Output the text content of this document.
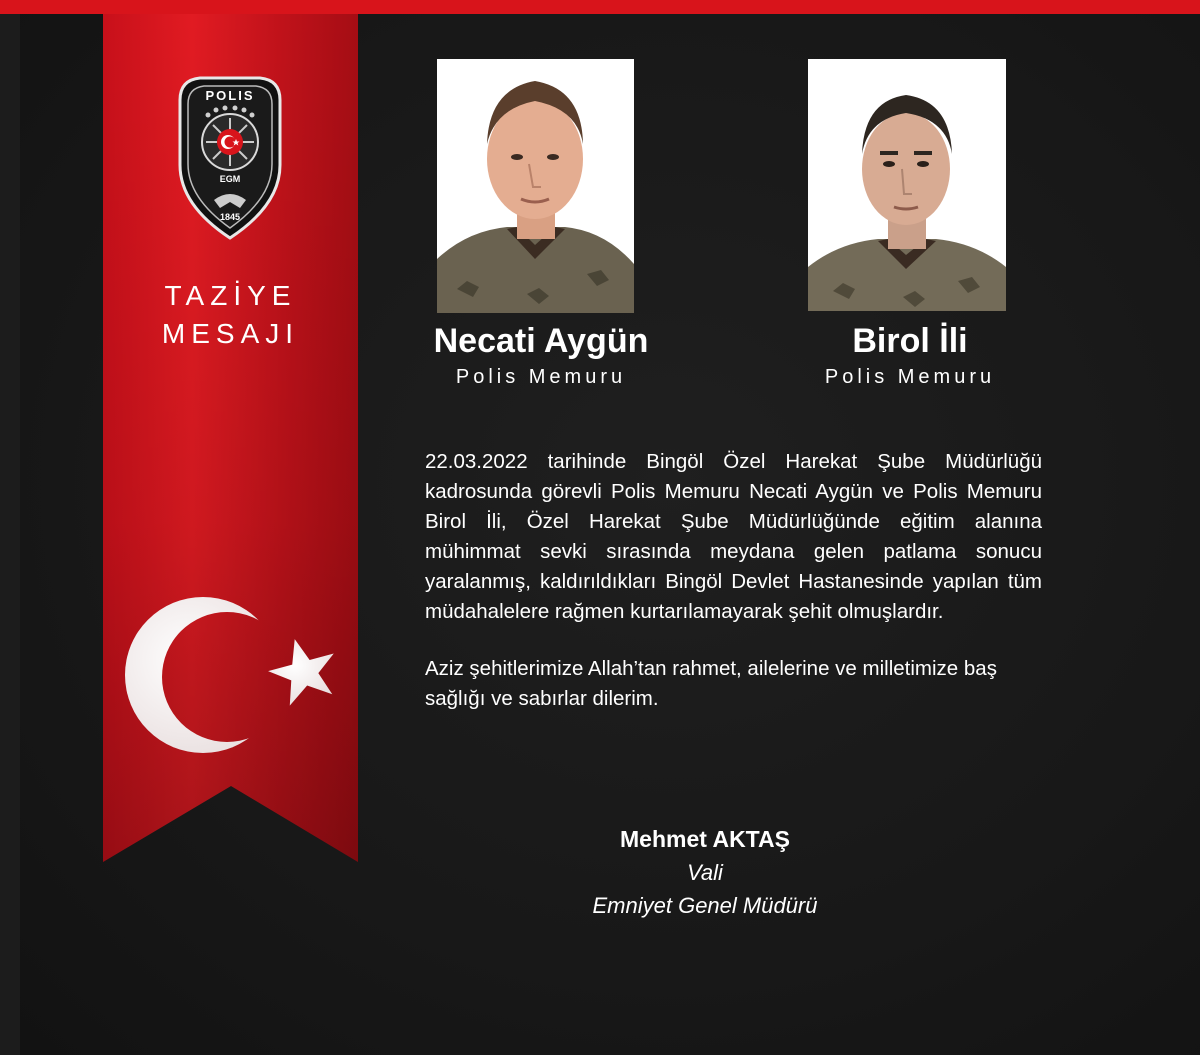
POLIS
EGM
1845
TAZİYE
MESAJI	Necati Aygün
Polis Memuru
Birol İli
Polis Memuru
22.03.2022 tarihinde Bingöl Özel Harekat Şube Müdürlüğü kadrosunda görevli Polis Memuru Necati Aygün ve Polis Memuru Birol İli, Özel Harekat Şube Müdürlüğünde eğitim alanına mühimmat sevki sırasında meydana gelen patlama sonucu yaralanmış, kaldırıldıkları Bingöl Devlet Hastanesinde yapılan tüm müdahalelere rağmen kurtarılamayarak şehit olmuşlardır.
Aziz şehitlerimize Allah’tan rahmet, ailelerine ve milletimize baş sağlığı ve sabırlar dilerim.
Mehmet AKTAŞ
Vali
Emniyet Genel Müdürü
